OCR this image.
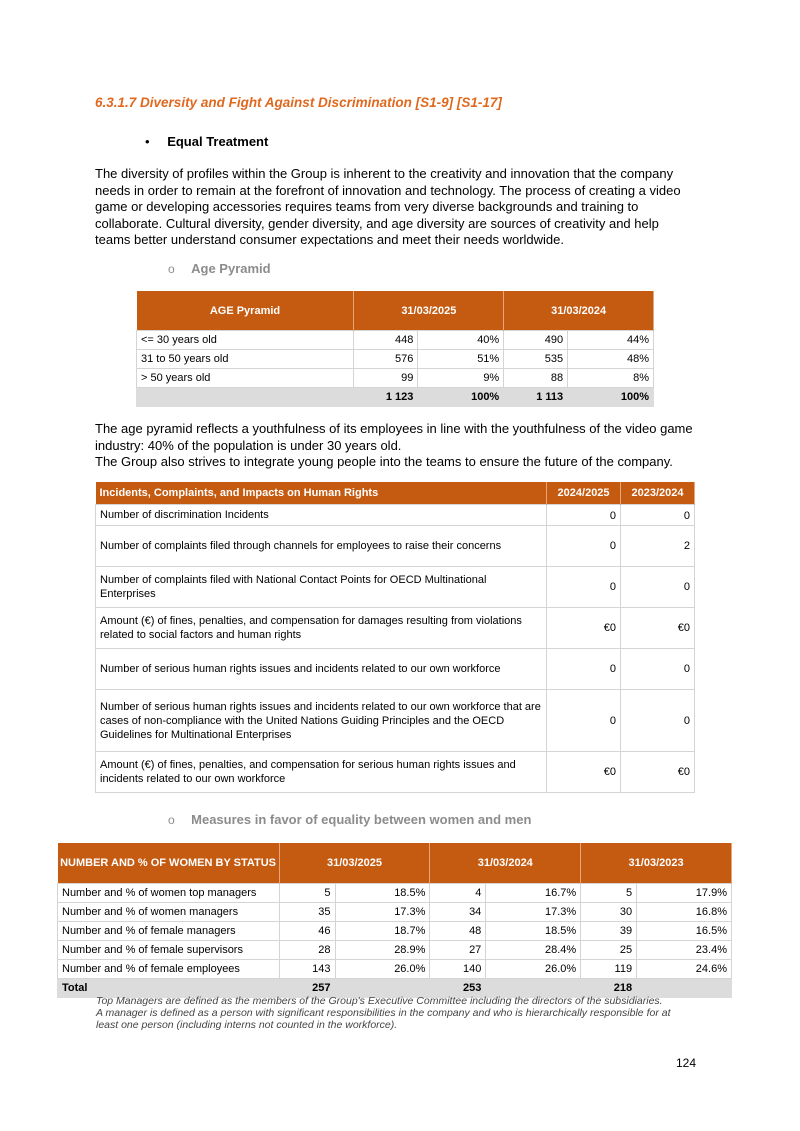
6.3.1.7 Diversity and Fight Against Discrimination [S1-9] [S1-17]
• Equal Treatment
The diversity of profiles within the Group is inherent to the creativity and innovation that the company
needs in order to remain at the forefront of innovation and technology. The process of creating a video
game or developing accessories requires teams from very diverse backgrounds and training to
collaborate. Cultural diversity, gender diversity, and age diversity are sources of creativity and help
teams better understand consumer expectations and meet their needs worldwide.
o Age Pyramid
AGE Pyramid	31/03/2025		31/03/2024	
<= 30 years old	448	40%	490	44%
31 to 50 years old	576	51%	535	48%
> 50 years old	99	9%	88	8%
	1 123	100%	1 113	100%
The age pyramid reflects a youthfulness of its employees in line with the youthfulness of the video game
industry: 40% of the population is under 30 years old.
The Group also strives to integrate young people into the teams to ensure the future of the company.
Incidents, Complaints, and Impacts on Human Rights	2024/2025	2023/2024
Number of discrimination Incidents	0	0
Number of complaints filed through channels for employees to raise their concerns	0	2
Number of complaints filed with National Contact Points for OECD Multinational Enterprises	0	0
Amount (€) of fines, penalties, and compensation for damages resulting from violations related to social factors and human rights	€0	€0
Number of serious human rights issues and incidents related to our own workforce	0	0
Number of serious human rights issues and incidents related to our own workforce that are cases of non-compliance with the United Nations Guiding Principles and the OECD Guidelines for Multinational Enterprises	0	0
Amount (€) of fines, penalties, and compensation for serious human rights issues and incidents related to our own workforce	€0	€0
o Measures in favor of equality between women and men
NUMBER AND % OF WOMEN BY STATUS	31/03/2025		31/03/2024		31/03/2023	
Number and % of women top managers	5	18.5%	4	16.7%	5	17.9%
Number and % of women managers	35	17.3%	34	17.3%	30	16.8%
Number and % of female managers	46	18.7%	48	18.5%	39	16.5%
Number and % of female supervisors	28	28.9%	27	28.4%	25	23.4%
Number and % of female employees	143	26.0%	140	26.0%	119	24.6%
Total	257		253		218	
Top Managers are defined as the members of the Group's Executive Committee including the directors of the subsidiaries.
A manager is defined as a person with significant responsibilities in the company and who is hierarchically responsible for at
least one person (including interns not counted in the workforce).
124
